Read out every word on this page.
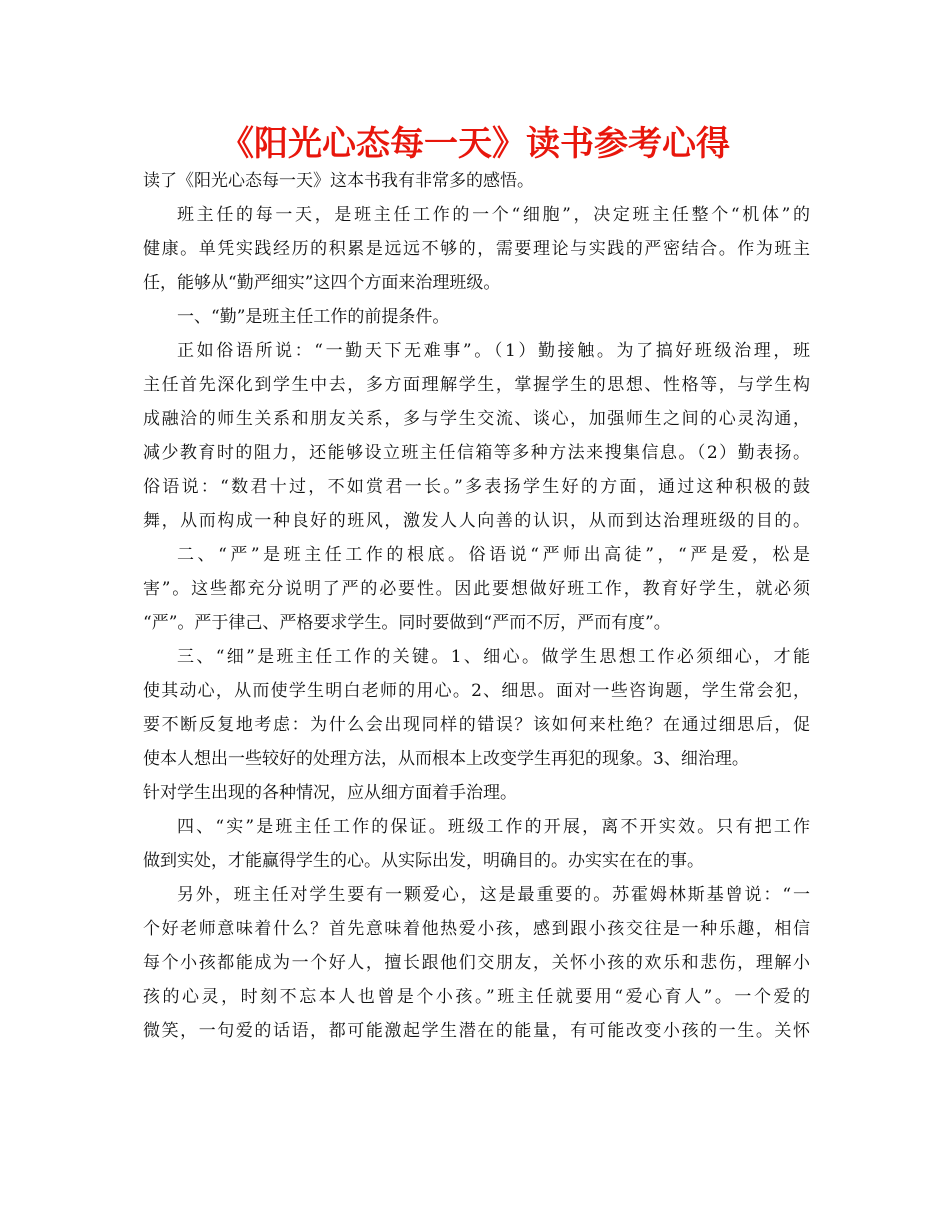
《阳光心态每一天》读书参考心得
读了《阳光心态每一天》这本书我有非常多的感悟。
班主任的每一天，是班主任工作的一个“细胞”，决定班主任整个“机体”的
健康。单凭实践经历的积累是远远不够的，需要理论与实践的严密结合。作为班主
任，能够从“勤严细实”这四个方面来治理班级。
一、“勤”是班主任工作的前提条件。
正如俗语所说：“一勤天下无难事”。（1）勤接触。为了搞好班级治理，班
主任首先深化到学生中去，多方面理解学生，掌握学生的思想、性格等，与学生构
成融洽的师生关系和朋友关系，多与学生交流、谈心，加强师生之间的心灵沟通，
减少教育时的阻力，还能够设立班主任信箱等多种方法来搜集信息。（2）勤表扬。
俗语说：“数君十过，不如赏君一长。”多表扬学生好的方面，通过这种积极的鼓
舞，从而构成一种良好的班风，激发人人向善的认识，从而到达治理班级的目的。
二、“严”是班主任工作的根底。俗语说“严师出高徒”，“严是爱，松是
害”。这些都充分说明了严的必要性。因此要想做好班工作，教育好学生，就必须
“严”。严于律己、严格要求学生。同时要做到“严而不厉，严而有度”。
三、“细”是班主任工作的关键。1、细心。做学生思想工作必须细心，才能
使其动心，从而使学生明白老师的用心。2、细思。面对一些咨询题，学生常会犯，
要不断反复地考虑：为什么会出现同样的错误？该如何来杜绝？在通过细思后，促
使本人想出一些较好的处理方法，从而根本上改变学生再犯的现象。3、细治理。
针对学生出现的各种情况，应从细方面着手治理。
四、“实”是班主任工作的保证。班级工作的开展，离不开实效。只有把工作
做到实处，才能赢得学生的心。从实际出发，明确目的。办实实在在的事。
另外，班主任对学生要有一颗爱心，这是最重要的。苏霍姆林斯基曾说：“一
个好老师意味着什么？首先意味着他热爱小孩，感到跟小孩交往是一种乐趣，相信
每个小孩都能成为一个好人，擅长跟他们交朋友，关怀小孩的欢乐和悲伤，理解小
孩的心灵，时刻不忘本人也曾是个小孩。”班主任就要用“爱心育人”。一个爱的
微笑，一句爱的话语，都可能激起学生潜在的能量，有可能改变小孩的一生。关怀
